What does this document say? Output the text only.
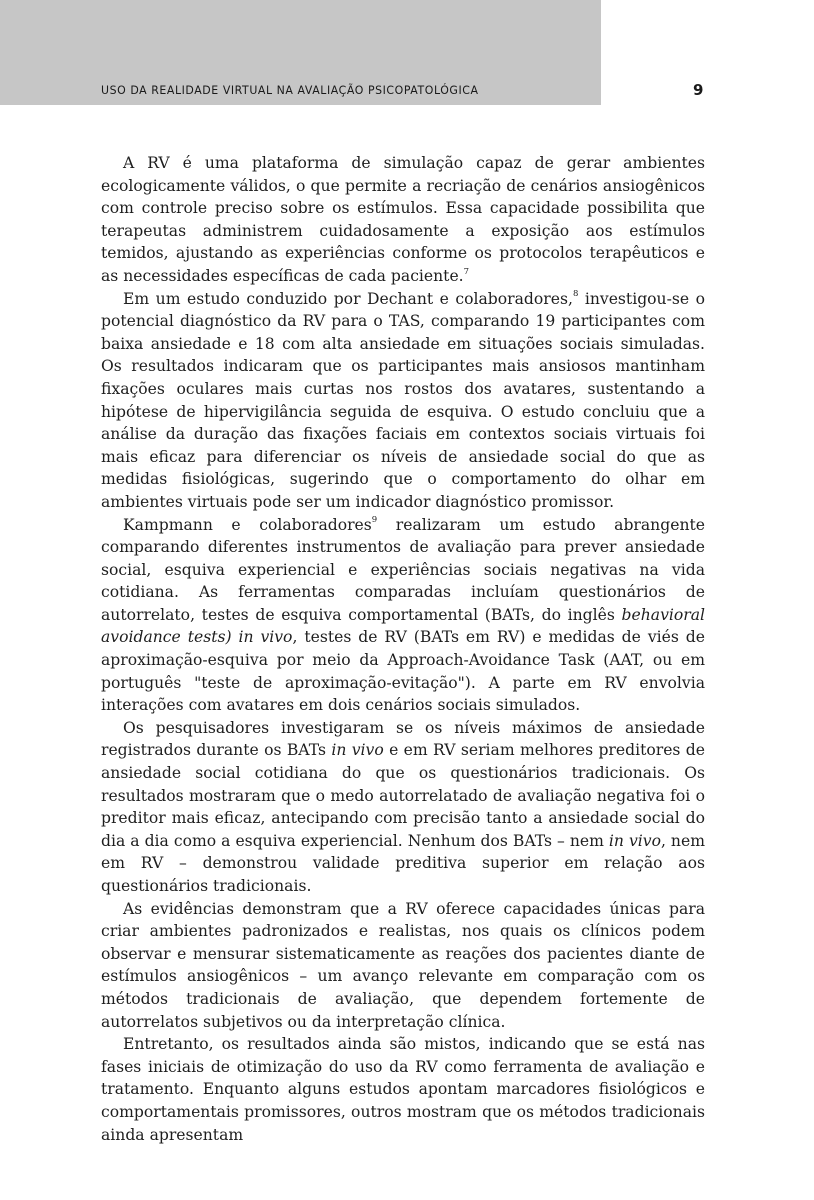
USO DA REALIDADE VIRTUAL NA AVALIAÇÃO PSICOPATOLÓGICA	9

A RV é uma plataforma de simulação capaz de gerar ambientes ecologicamente válidos, o que permite a recriação de cenários ansiogênicos com controle preciso sobre os estímulos. Essa capacidade possibilita que terapeutas administrem cuidadosamente a exposição aos estímulos temidos, ajustando as experiências conforme os protocolos terapêuticos e as necessidades específicas de cada paciente.$^7$

Em um estudo conduzido por Dechant e colaboradores,$^8$ investigou-se o potencial diagnóstico da RV para o TAS, comparando 19 participantes com baixa ansiedade e 18 com alta ansiedade em situações sociais simuladas. Os resultados indicaram que os participantes mais ansiosos mantinham fixações oculares mais curtas nos rostos dos avatares, sustentando a hipótese de hipervigilância seguida de esquiva. O estudo concluiu que a análise da duração das fixações faciais em contextos sociais virtuais foi mais eficaz para diferenciar os níveis de ansiedade social do que as medidas fisiológicas, sugerindo que o comportamento do olhar em ambientes virtuais pode ser um indicador diagnóstico promissor.

Kampmann e colaboradores$^9$ realizaram um estudo abrangente comparando diferentes instrumentos de avaliação para prever ansiedade social, esquiva experiencial e experiências sociais negativas na vida cotidiana. As ferramentas comparadas incluíam questionários de autorrelato, testes de esquiva comportamental (BATs, do inglês behavioral avoidance tests) in vivo, testes de RV (BATs em RV) e medidas de viés de aproximação-esquiva por meio da Approach-Avoidance Task (AAT, ou em português "teste de aproximação-evitação"). A parte em RV envolvia interações com avatares em dois cenários sociais simulados.

Os pesquisadores investigaram se os níveis máximos de ansiedade registrados durante os BATs in vivo e em RV seriam melhores preditores de ansiedade social cotidiana do que os questionários tradicionais. Os resultados mostraram que o medo autorrelatado de avaliação negativa foi o preditor mais eficaz, antecipando com precisão tanto a ansiedade social do dia a dia como a esquiva experiencial. Nenhum dos BATs – nem in vivo, nem em RV – demonstrou validade preditiva superior em relação aos questionários tradicionais.

As evidências demonstram que a RV oferece capacidades únicas para criar ambientes padronizados e realistas, nos quais os clínicos podem observar e mensurar sistematicamente as reações dos pacientes diante de estímulos ansiogênicos – um avanço relevante em comparação com os métodos tradicionais de avaliação, que dependem fortemente de autorrelatos subjetivos ou da interpretação clínica.

Entretanto, os resultados ainda são mistos, indicando que se está nas fases iniciais de otimização do uso da RV como ferramenta de avaliação e tratamento. Enquanto alguns estudos apontam marcadores fisiológicos e comportamentais promissores, outros mostram que os métodos tradicionais ainda apresentam
